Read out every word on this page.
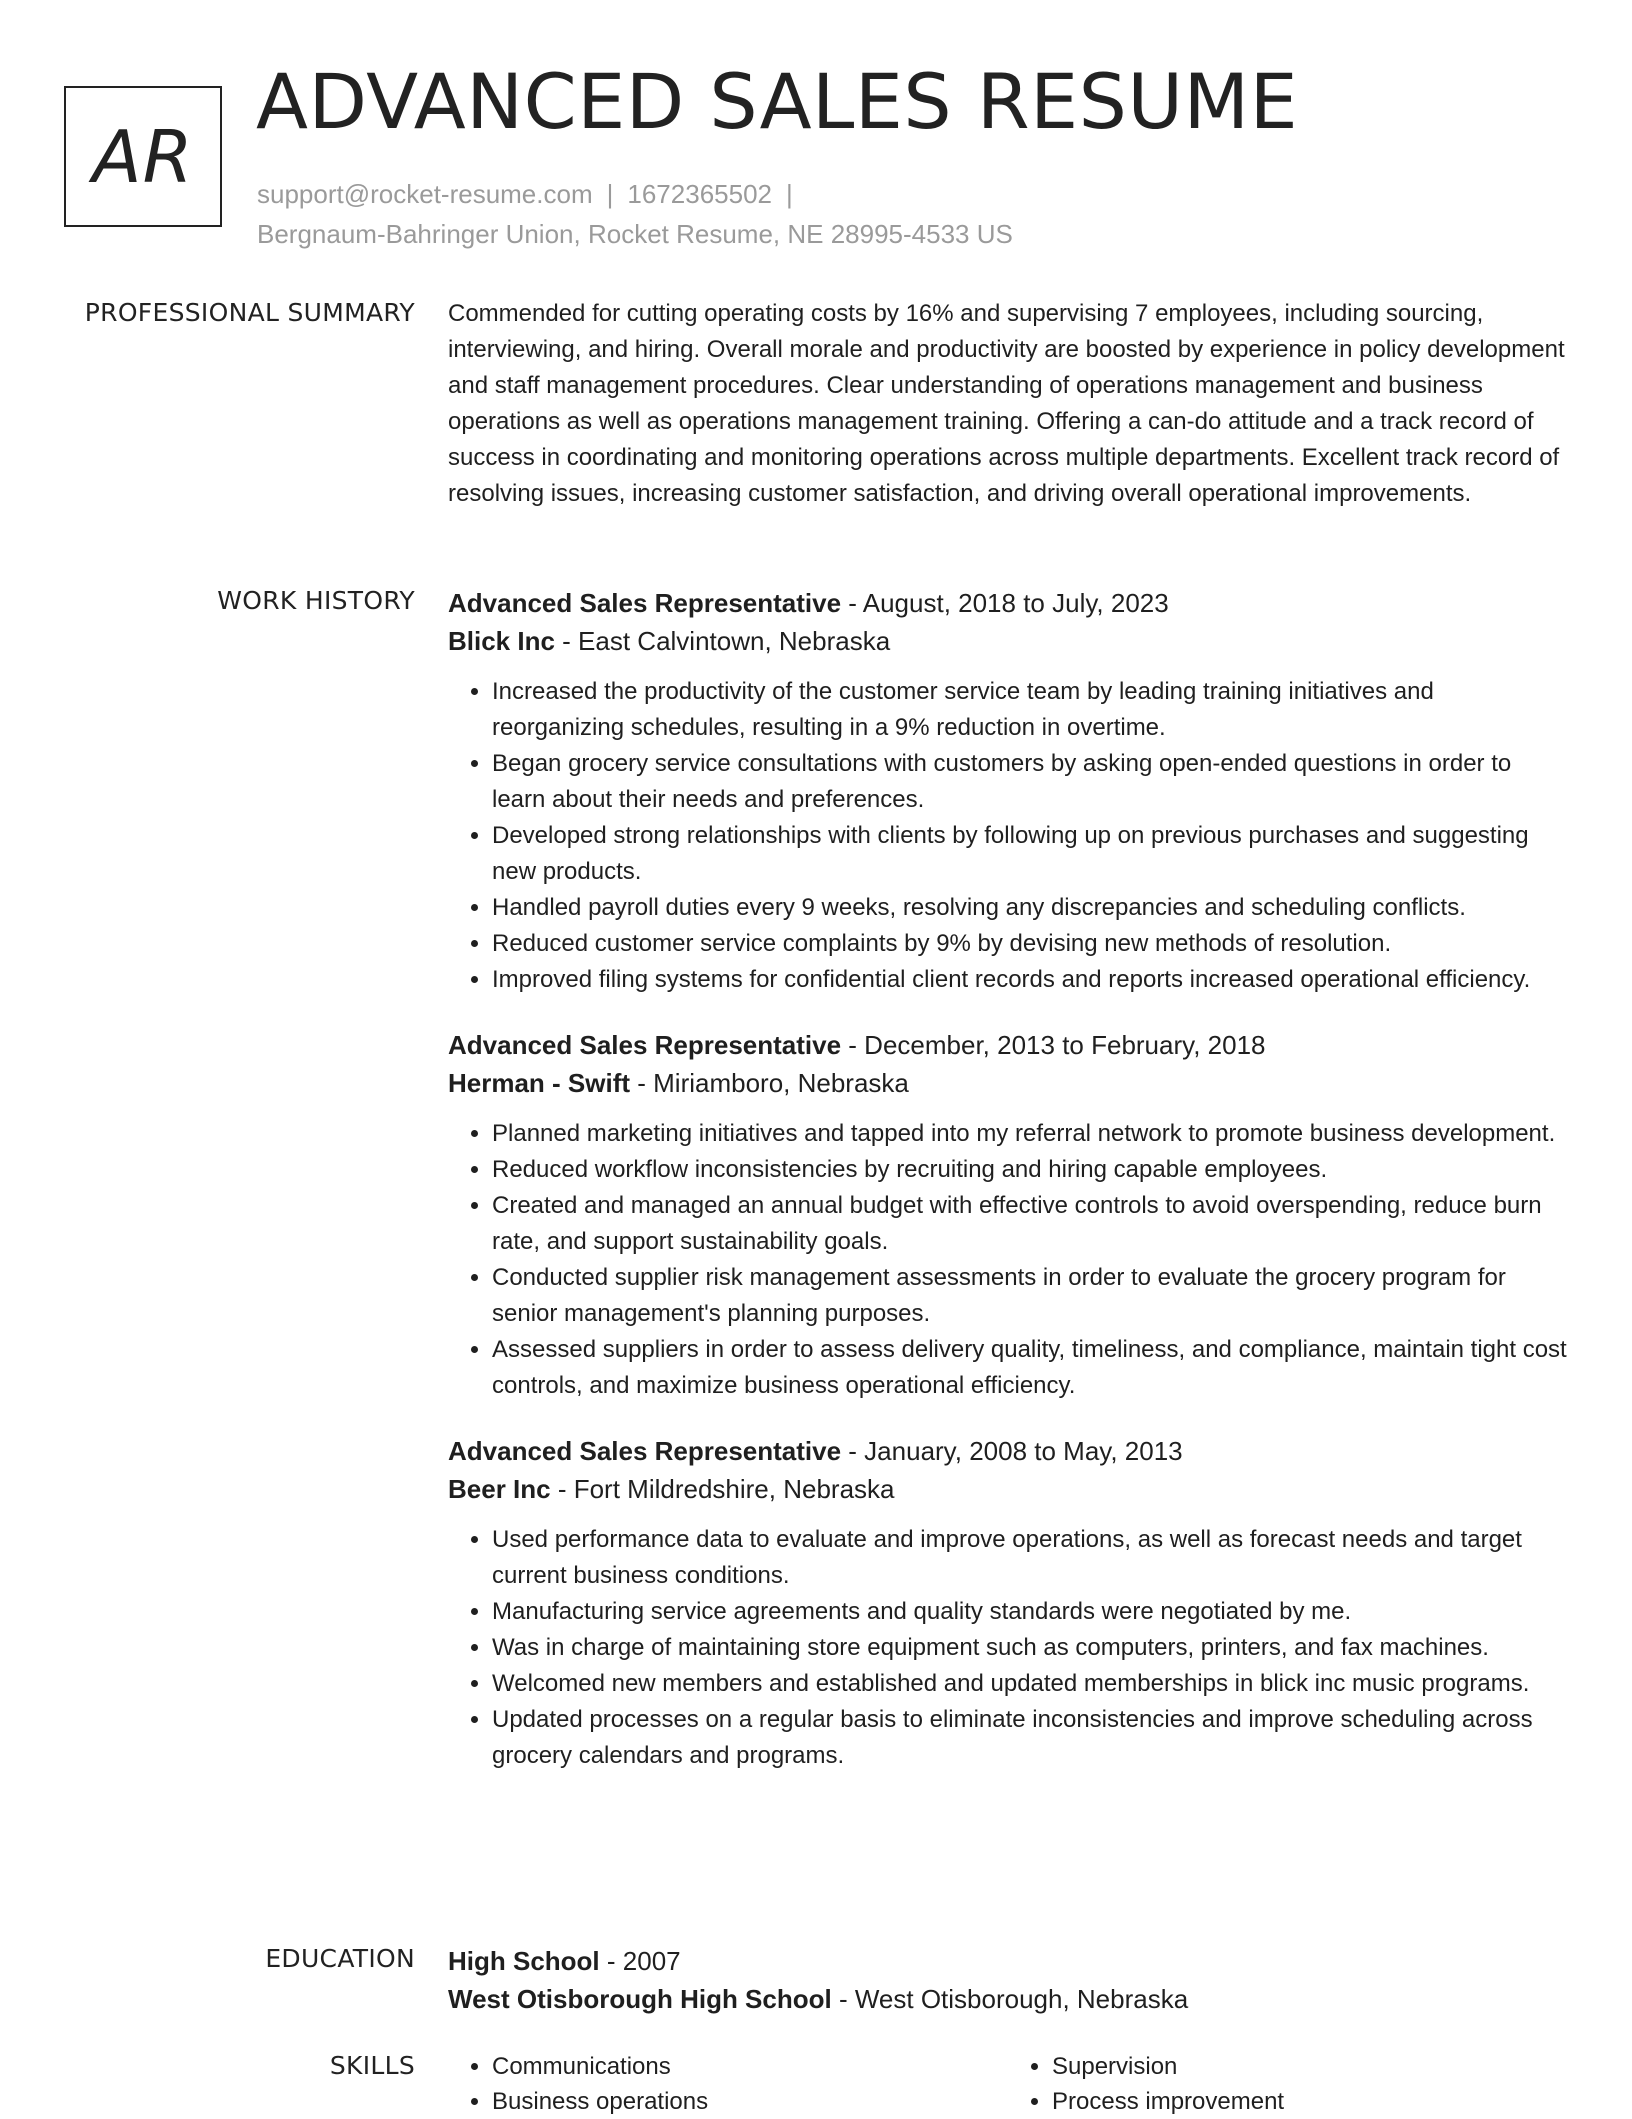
AR
ADVANCED SALES RESUME
support@rocket-resume.com | 1672365502 |
Bergnaum-Bahringer Union, Rocket Resume, NE 28995-4533 US
PROFESSIONAL SUMMARY Commended for cutting operating costs by 16% and supervising 7 employees, including sourcing, interviewing, and hiring. Overall morale and productivity are boosted by experience in policy development and staff management procedures. Clear understanding of operations management and business operations as well as operations management training. Offering a can-do attitude and a track record of success in coordinating and monitoring operations across multiple departments. Excellent track record of resolving issues, increasing customer satisfaction, and driving overall operational improvements.
WORK HISTORY Advanced Sales Representative - August, 2018 to July, 2023
Blick Inc - East Calvintown, Nebraska
• Increased the productivity of the customer service team by leading training initiatives and reorganizing schedules, resulting in a 9% reduction in overtime.
• Began grocery service consultations with customers by asking open-ended questions in order to learn about their needs and preferences.
• Developed strong relationships with clients by following up on previous purchases and suggesting new products.
• Handled payroll duties every 9 weeks, resolving any discrepancies and scheduling conflicts.
• Reduced customer service complaints by 9% by devising new methods of resolution.
• Improved filing systems for confidential client records and reports increased operational efficiency.
Advanced Sales Representative - December, 2013 to February, 2018
Herman - Swift - Miriamboro, Nebraska
• Planned marketing initiatives and tapped into my referral network to promote business development.
• Reduced workflow inconsistencies by recruiting and hiring capable employees.
• Created and managed an annual budget with effective controls to avoid overspending, reduce burn rate, and support sustainability goals.
• Conducted supplier risk management assessments in order to evaluate the grocery program for senior management's planning purposes.
• Assessed suppliers in order to assess delivery quality, timeliness, and compliance, maintain tight cost controls, and maximize business operational efficiency.
Advanced Sales Representative - January, 2008 to May, 2013
Beer Inc - Fort Mildredshire, Nebraska
• Used performance data to evaluate and improve operations, as well as forecast needs and target current business conditions.
• Manufacturing service agreements and quality standards were negotiated by me.
• Was in charge of maintaining store equipment such as computers, printers, and fax machines.
• Welcomed new members and established and updated memberships in blick inc music programs.
• Updated processes on a regular basis to eliminate inconsistencies and improve scheduling across grocery calendars and programs.
EDUCATION High School - 2007
West Otisborough High School - West Otisborough, Nebraska
SKILLS
•	Communications
• Business operations
• Supervision
• Process improvement
